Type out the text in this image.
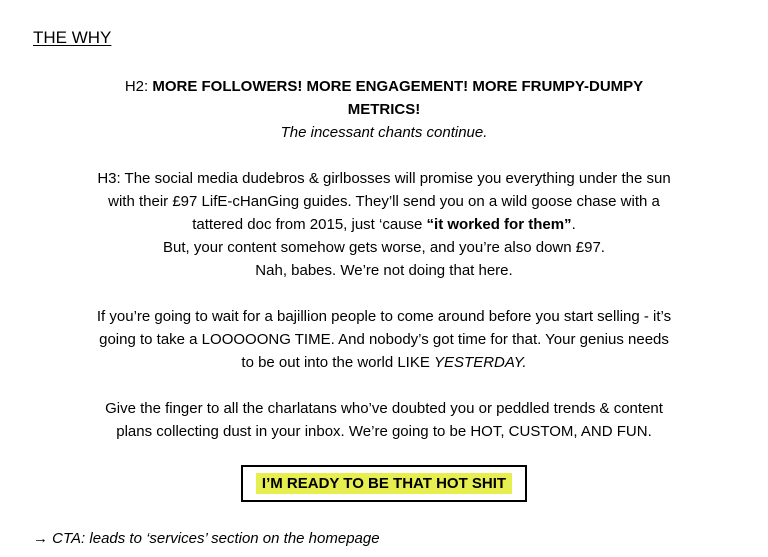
THE WHY
H2: MORE FOLLOWERS! MORE ENGAGEMENT! MORE FRUMPY-DUMPY
METRICS!
The incessant chants continue.
H3: The social media dudebros & girlbosses will promise you everything under the sun
with their £97 LifE-cHanGing guides. They’ll send you on a wild goose chase with a
tattered doc from 2015, just ‘cause “it worked for them”.
But, your content somehow gets worse, and you’re also down £97.
Nah, babes. We’re not doing that here.
If you’re going to wait for a bajillion people to come around before you start selling - it’s
going to take a LOOOOONG TIME. And nobody’s got time for that. Your genius needs
to be out into the world LIKE YESTERDAY.
Give the finger to all the charlatans who’ve doubted you or peddled trends & content
plans collecting dust in your inbox. We’re going to be HOT, CUSTOM, AND FUN.
I’M READY TO BE THAT HOT SHIT
→ CTA: leads to ‘services’ section on the homepage
